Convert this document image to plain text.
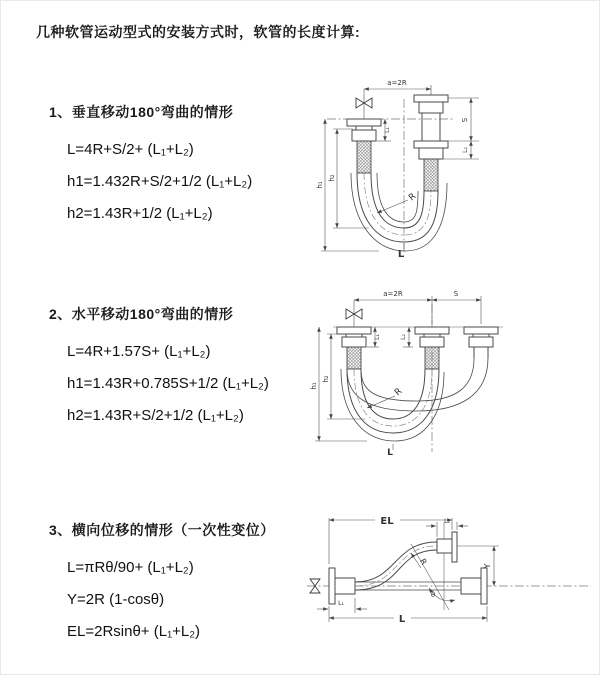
几种软管运动型式的安装方式时，软管的长度计算:
1、垂直移动180°弯曲的情形

L=4R+S/2+ (L₁+L₂)

h1=1.432R+S/2+1/2 (L₁+L₂)

h2=1.43R+1/2 (L₁+L₂)

a=2R
S
L₂
h₁
h₂
L₁
R
L
2、水平移动180°弯曲的情形

L=4R+1.57S+ (L₁+L₂)

h1=1.43R+0.785S+1/2 (L₁+L₂)

h2=1.43R+S/2+1/2 (L₁+L₂)

a=2R	S
h₁
h₂
L₁	L₂
R
L
3、横向位移的情形（一次性变位）

L=πRθ/90+ (L₁+L₂)

Y=2R (1-cosθ)

EL=2Rsinθ+ (L₁+L₂)

EL	L₂
Y
R
θ
L
L₁
